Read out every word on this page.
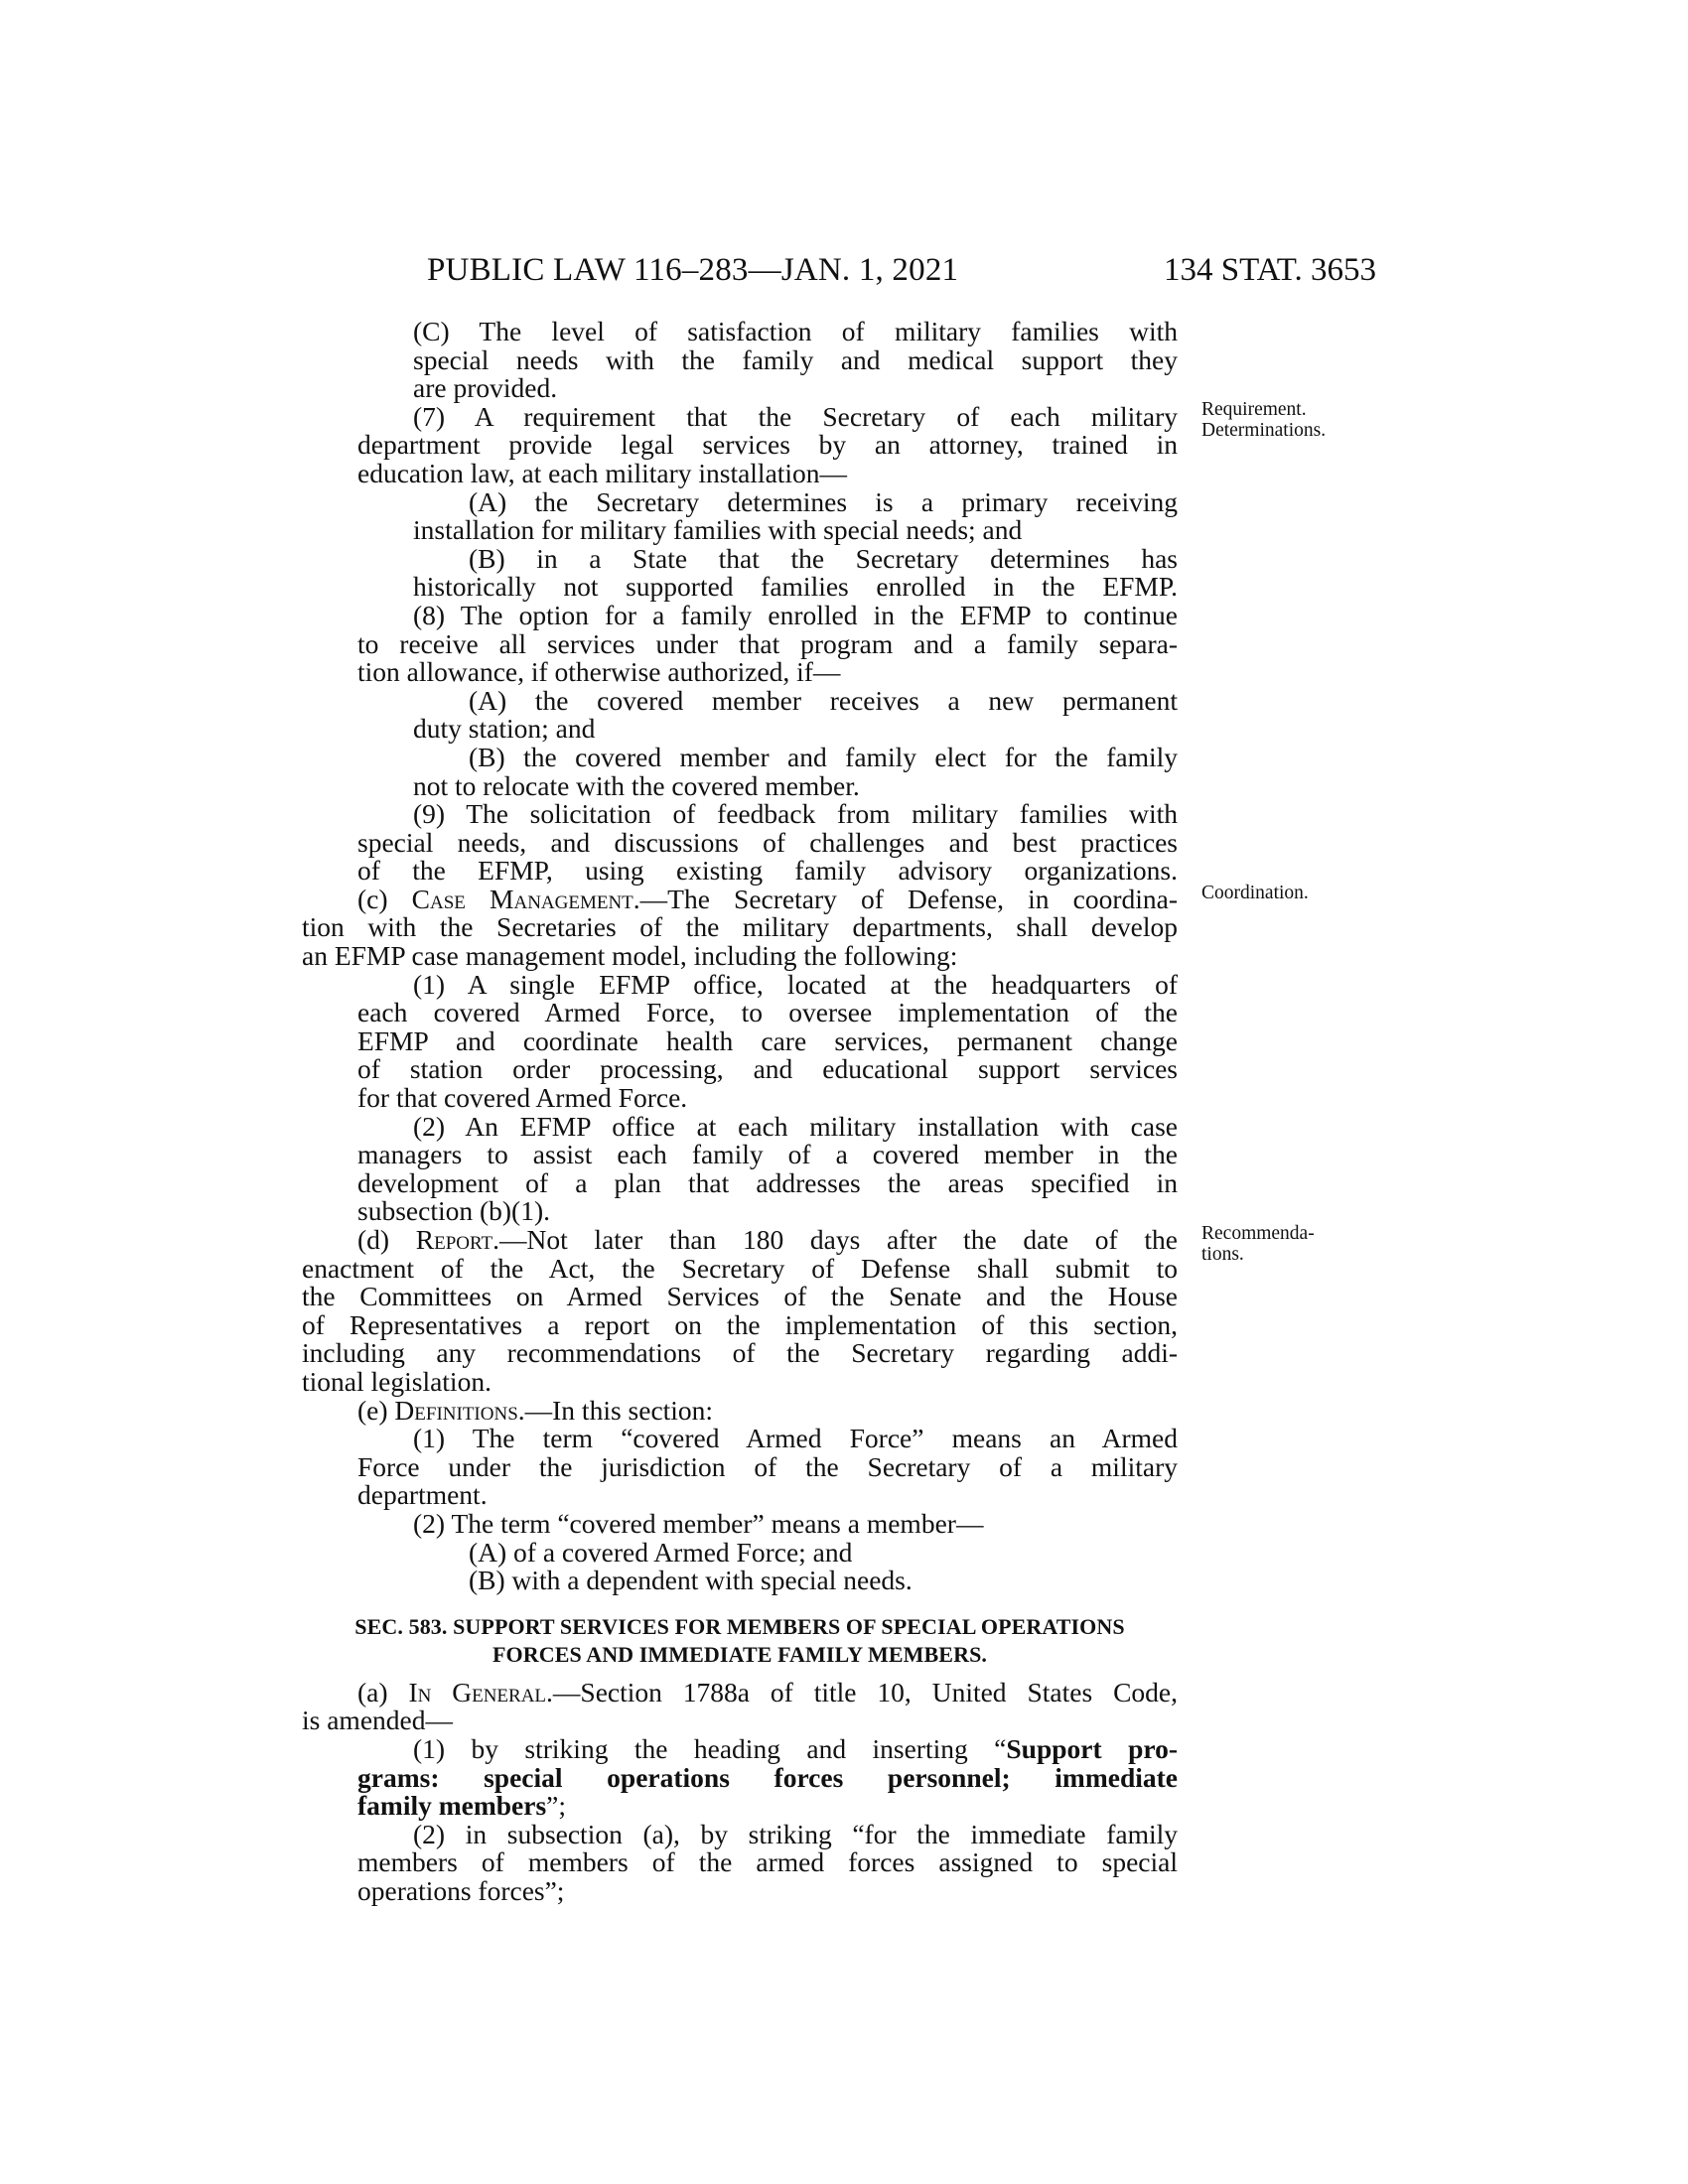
PUBLIC LAW 116–283—JAN. 1, 2021	134 STAT. 3653
Requirement.
Determinations.
Coordination.
Recommenda-
tions.
(C) The level of satisfaction of military families with
special needs with the family and medical support they
are provided.
(7) A requirement that the Secretary of each military
department provide legal services by an attorney, trained in
education law, at each military installation—
(A) the Secretary determines is a primary receiving
installation for military families with special needs; and
(B) in a State that the Secretary determines has
historically not supported families enrolled in the EFMP.
(8) The option for a family enrolled in the EFMP to continue
to receive all services under that program and a family separa-
tion allowance, if otherwise authorized, if—
(A) the covered member receives a new permanent
duty station; and
(B) the covered member and family elect for the family
not to relocate with the covered member.
(9) The solicitation of feedback from military families with
special needs, and discussions of challenges and best practices
of the EFMP, using existing family advisory organizations.
(c) Case Management.—The Secretary of Defense, in coordina-
tion with the Secretaries of the military departments, shall develop
an EFMP case management model, including the following:
(1) A single EFMP office, located at the headquarters of
each covered Armed Force, to oversee implementation of the
EFMP and coordinate health care services, permanent change
of station order processing, and educational support services
for that covered Armed Force.
(2) An EFMP office at each military installation with case
managers to assist each family of a covered member in the
development of a plan that addresses the areas specified in
subsection (b)(1).
(d) Report.—Not later than 180 days after the date of the
enactment of the Act, the Secretary of Defense shall submit to
the Committees on Armed Services of the Senate and the House
of Representatives a report on the implementation of this section,
including any recommendations of the Secretary regarding addi-
tional legislation.
(e) Definitions.—In this section:
(1) The term “covered Armed Force” means an Armed
Force under the jurisdiction of the Secretary of a military
department.
(2) The term “covered member” means a member—
(A) of a covered Armed Force; and
(B) with a dependent with special needs.
SEC. 583. SUPPORT SERVICES FOR MEMBERS OF SPECIAL OPERATIONS
FORCES AND IMMEDIATE FAMILY MEMBERS.
(a) In General.—Section 1788a of title 10, United States Code,
is amended—
(1) by striking the heading and inserting “Support pro-
grams: special operations forces personnel; immediate
family members”;
(2) in subsection (a), by striking “for the immediate family
members of members of the armed forces assigned to special
operations forces”;
